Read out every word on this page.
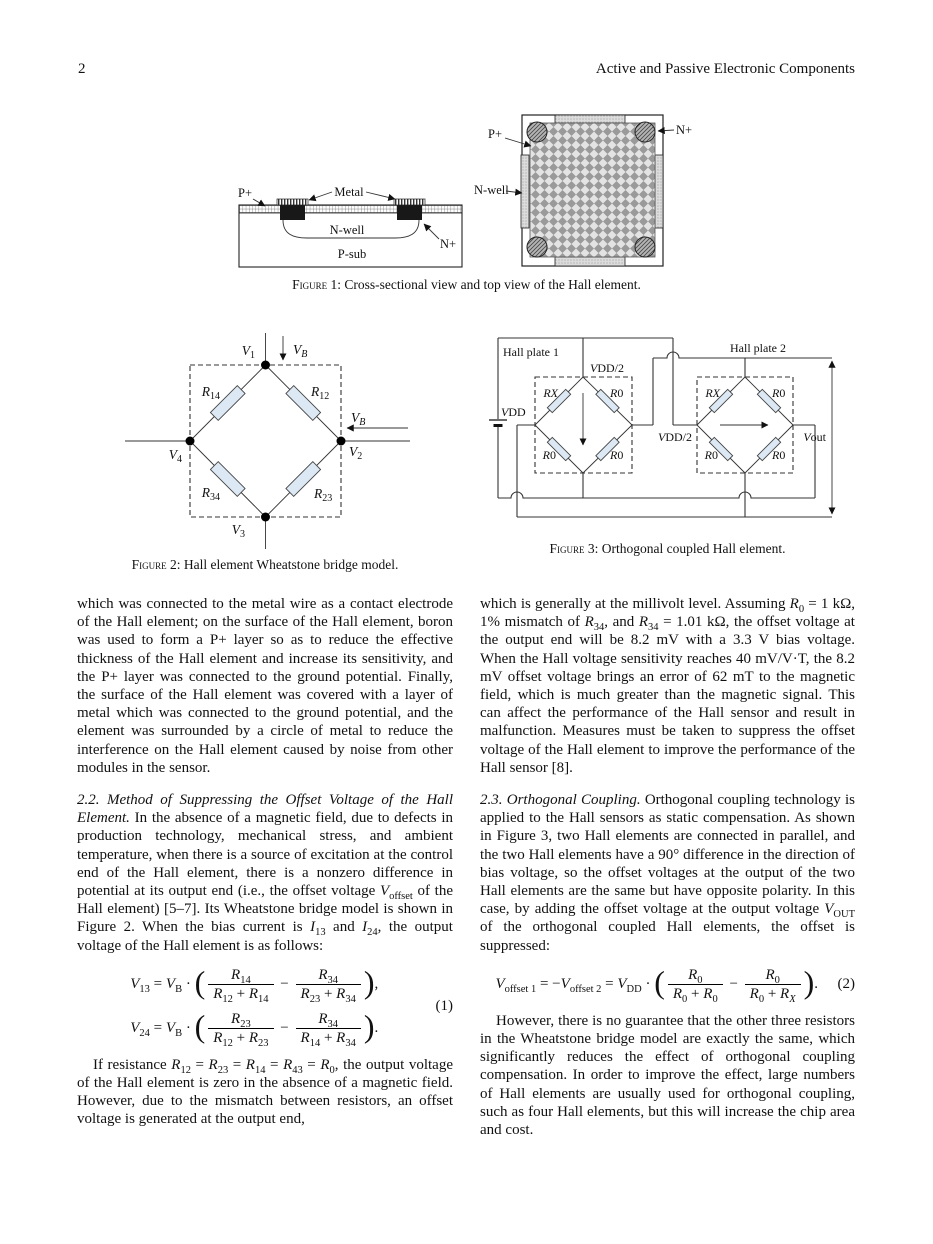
2	Active and Passive Electronic Components
P+	Metal
N-well
N+
P-sub
P+	N+
N-well
Figure 1: Cross-sectional view and top view of the Hall element.
$V_1$	$V_B$
$V_B$
$V_2$
$V_3$
$V_4$
$R_{14}$	$R_{12}$
$R_{34}$	$R_{23}$
Figure 2: Hall element Wheatstone bridge model.
Hall plate 1	Hall plate 2
VDD
VDD/2
VDD/2	Vout
RX	R0
R0	R0
RX	R0
R0	R0
Figure 3: Orthogonal coupled Hall element.

which was connected to the metal wire as a contact electrode of the Hall element; on the surface of the Hall element, boron was used to form a P+ layer so as to reduce the effective thickness of the Hall element and increase its sensitivity, and the P+ layer was connected to the ground potential. Finally, the surface of the Hall element was covered with a layer of metal which was connected to the ground potential, and the element was surrounded by a circle of metal to reduce the interference on the Hall element caused by noise from other modules in the sensor.

2.2. Method of Suppressing the Offset Voltage of the Hall Element. In the absence of a magnetic field, due to defects in production technology, mechanical stress, and ambient temperature, when there is a source of excitation at the control end of the Hall element, there is a nonzero difference in potential at its output end (i.e., the offset voltage $V_{offset}$ of the Hall element) [5–7]. Its Wheatstone bridge model is shown in Figure 2. When the bias current is $I_{13}$ and $I_{24}$, the output voltage of the Hall element is as follows:

$V_{13} = V_B$ · ( $\frac{R_{14}}{R_{12} + R_{14}} - \frac{R_{34}}{R_{23} + R_{34}}$ ),
$V_{24} = V_B$ · ( $\frac{R_{23}}{R_{12} + R_{23}} - \frac{R_{34}}{R_{14} + R_{34}}$ ).
(1)

If resistance $R_{12} = R_{23} = R_{14} = R_{43} = R_0$, the output voltage of the Hall element is zero in the absence of a magnetic field. However, due to the mismatch between resistors, an offset voltage is generated at the output end,

which is generally at the millivolt level. Assuming $R_0 = 1$ kΩ, 1% mismatch of $R_{34}$, and $R_{34} = 1.01$ kΩ, the offset voltage at the output end will be 8.2 mV with a 3.3 V bias voltage. When the Hall voltage sensitivity reaches 40 mV/V·T, the 8.2 mV offset voltage brings an error of 62 mT to the magnetic field, which is much greater than the magnetic signal. This can affect the performance of the Hall sensor and result in malfunction. Measures must be taken to suppress the offset voltage of the Hall element to improve the performance of the Hall sensor [8].

2.3. Orthogonal Coupling. Orthogonal coupling technology is applied to the Hall sensors as static compensation. As shown in Figure 3, two Hall elements are connected in parallel, and the two Hall elements have a 90° difference in the direction of bias voltage, so the offset voltages at the output of the two Hall elements are the same but have opposite polarity. In this case, by adding the offset voltage at the output voltage $V_{OUT}$ of the orthogonal coupled Hall elements, the offset is suppressed:

$V_{offset 1} = -V_{offset 2} = V_{DD}$ · ( $\frac{R_0}{R_0 + R_0} - \frac{R_0}{R_0 + R_X}$ ).	(2)

However, there is no guarantee that the other three resistors in the Wheatstone bridge model are exactly the same, which significantly reduces the effect of orthogonal coupling compensation. In order to improve the effect, large numbers of Hall elements are usually used for orthogonal coupling, such as four Hall elements, but this will increase the chip area and cost.
